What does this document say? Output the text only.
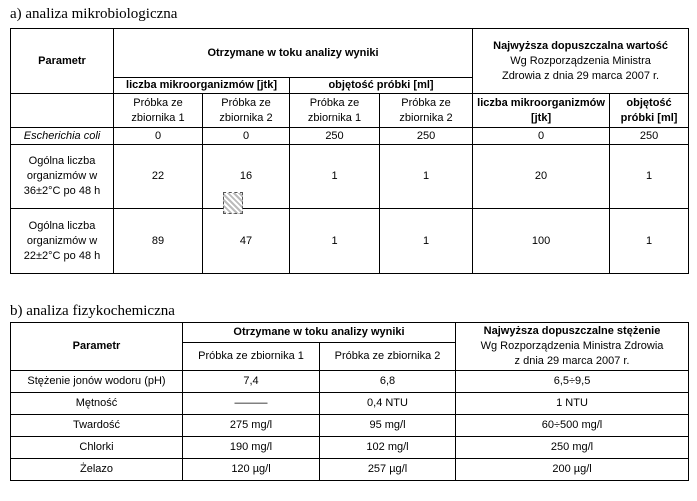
a) analiza mikrobiologiczna
Parametr	Otrzymane w toku analizy wyniki				Najwyższa dopuszczalna wartość
Wg Rozporządzenia Ministra
Zdrowia z dnia 29 marca 2007 r.	

	liczba mikroorganizmów [jtk]		objętość próbki [ml]			
	Próbka ze zbiornika 1	Próbka ze zbiornika 2	Próbka ze zbiornika 1	Próbka ze zbiornika 2	liczba mikroorganizmów [jtk]	objętość próbki [ml]
Escherichia coli	0	0	250	250	0	250
Ogólna liczba organizmów w 36±2°C po 48 h	22	16	1	1	20	1
Ogólna liczba organizmów w 22±2°C po 48 h	89	47	1	1	100	1
b) analiza fizykochemiczna
Parametr	Otrzymane w toku analizy wyniki		Najwyższa dopuszczalne stężenie
Wg Rozporządzenia Ministra Zdrowia
z dnia 29 marca 2007 r.

	Próbka ze zbiornika 1	Próbka ze zbiornika 2	
Stężenie jonów wodoru (pH)	7,4	6,8	6,5÷9,5
Mętność	———	0,4 NTU	1 NTU
Twardość	275 mg/l	95 mg/l	60÷500 mg/l
Chlorki	190 mg/l	102 mg/l	250 mg/l
Żelazo	120 µg/l	257 µg/l	200 µg/l
